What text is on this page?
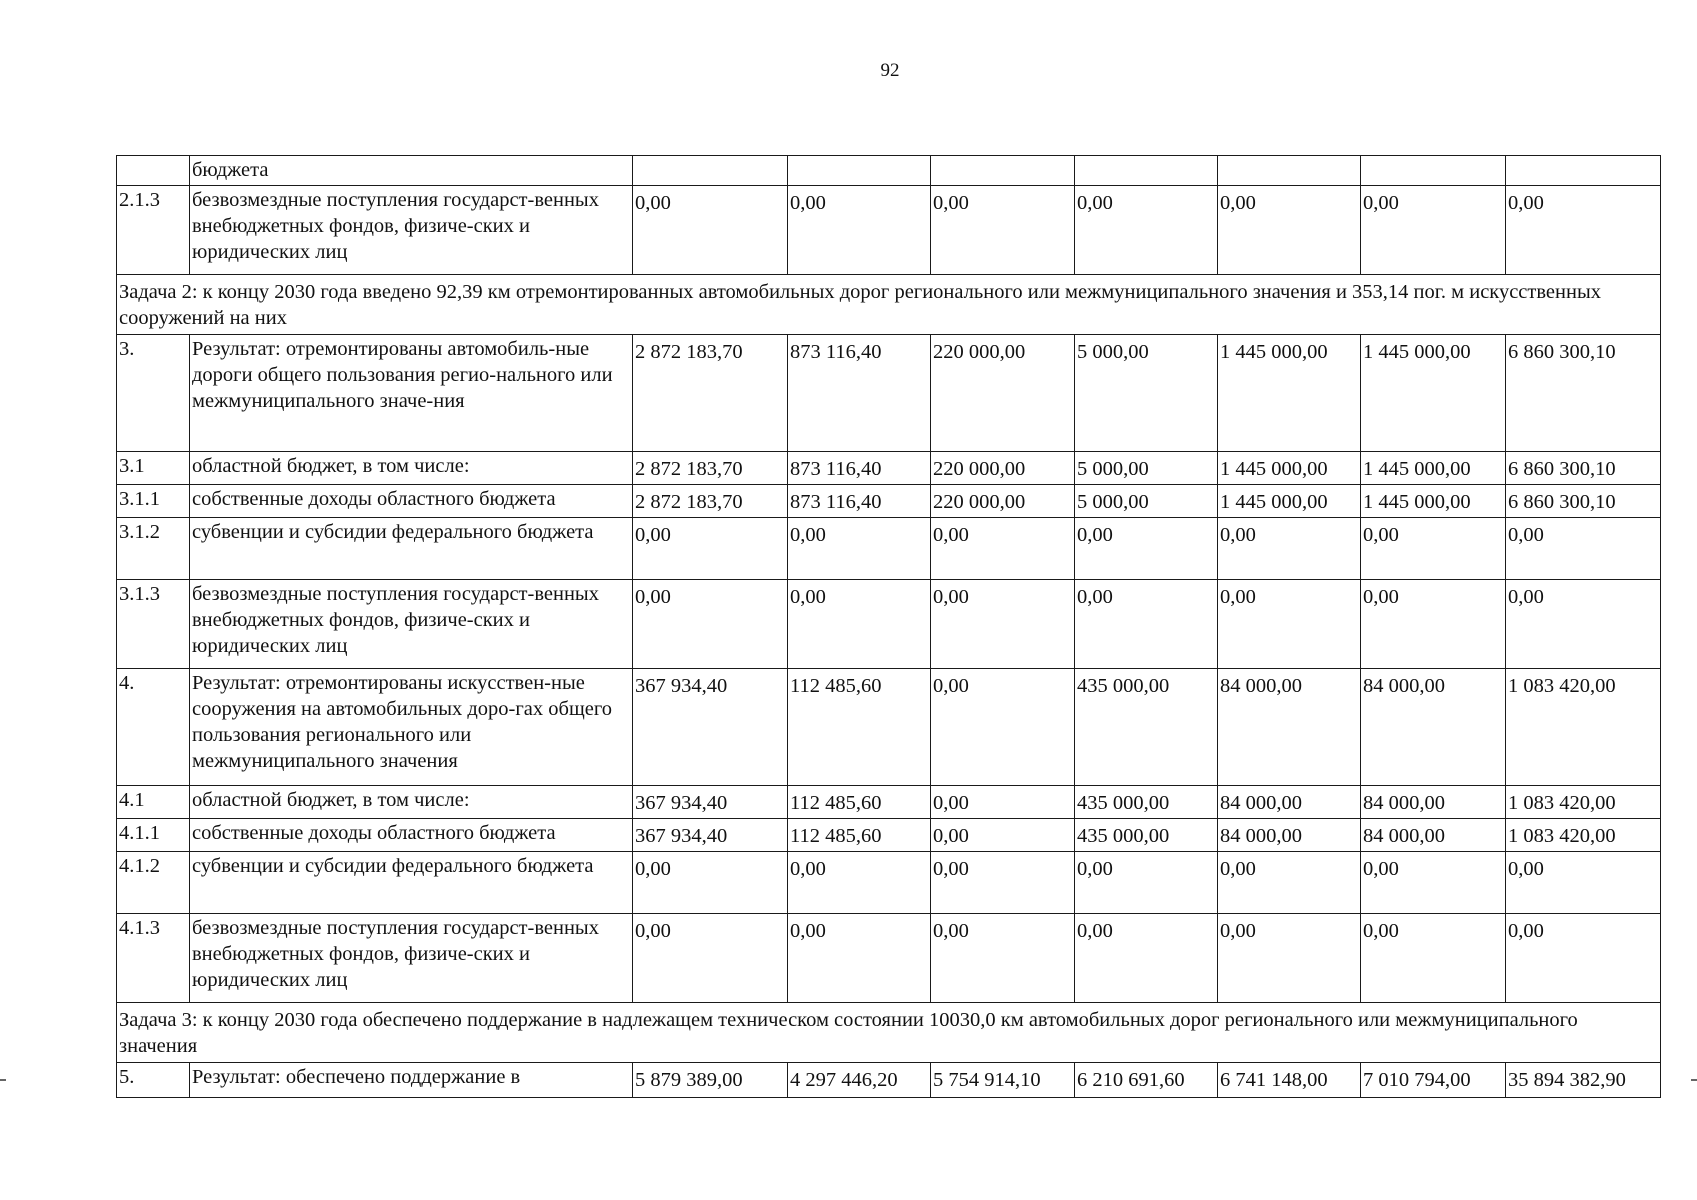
92
	бюджета							
2.1.3	безвозмездные поступления государст-венных внебюджетных фондов, физиче-ских и юридических лиц	0,00	0,00	0,00	0,00	0,00	0,00	0,00
Задача 2: к концу 2030 года введено 92,39 км отремонтированных автомобильных дорог регионального или межмуниципального значения и 353,14 пог. м искусственных сооружений на них								
3.	Результат: отремонтированы автомобиль-ные дороги общего пользования регио-нального или межмуниципального значе-ния	2 872 183,70	873 116,40	220 000,00	5 000,00	1 445 000,00	1 445 000,00	6 860 300,10
3.1	областной бюджет, в том числе:	2 872 183,70	873 116,40	220 000,00	5 000,00	1 445 000,00	1 445 000,00	6 860 300,10
3.1.1	собственные доходы областного бюджета	2 872 183,70	873 116,40	220 000,00	5 000,00	1 445 000,00	1 445 000,00	6 860 300,10
3.1.2	субвенции и субсидии федерального бюджета	0,00	0,00	0,00	0,00	0,00	0,00	0,00
3.1.3	безвозмездные поступления государст-венных внебюджетных фондов, физиче-ских и юридических лиц	0,00	0,00	0,00	0,00	0,00	0,00	0,00
4.	Результат: отремонтированы искусствен-ные сооружения на автомобильных доро-гах общего пользования регионального или межмуниципального значения	367 934,40	112 485,60	0,00	435 000,00	84 000,00	84 000,00	1 083 420,00
4.1	областной бюджет, в том числе:	367 934,40	112 485,60	0,00	435 000,00	84 000,00	84 000,00	1 083 420,00
4.1.1	собственные доходы областного бюджета	367 934,40	112 485,60	0,00	435 000,00	84 000,00	84 000,00	1 083 420,00
4.1.2	субвенции и субсидии федерального бюджета	0,00	0,00	0,00	0,00	0,00	0,00	0,00
4.1.3	безвозмездные поступления государст-венных внебюджетных фондов, физиче-ских и юридических лиц	0,00	0,00	0,00	0,00	0,00	0,00	0,00
Задача 3: к концу 2030 года обеспечено поддержание в надлежащем техническом состоянии 10030,0 км автомобильных дорог регионального или межмуниципального значения								
5.	Результат: обеспечено поддержание в	5 879 389,00	4 297 446,20	5 754 914,10	6 210 691,60	6 741 148,00	7 010 794,00	35 894 382,90
